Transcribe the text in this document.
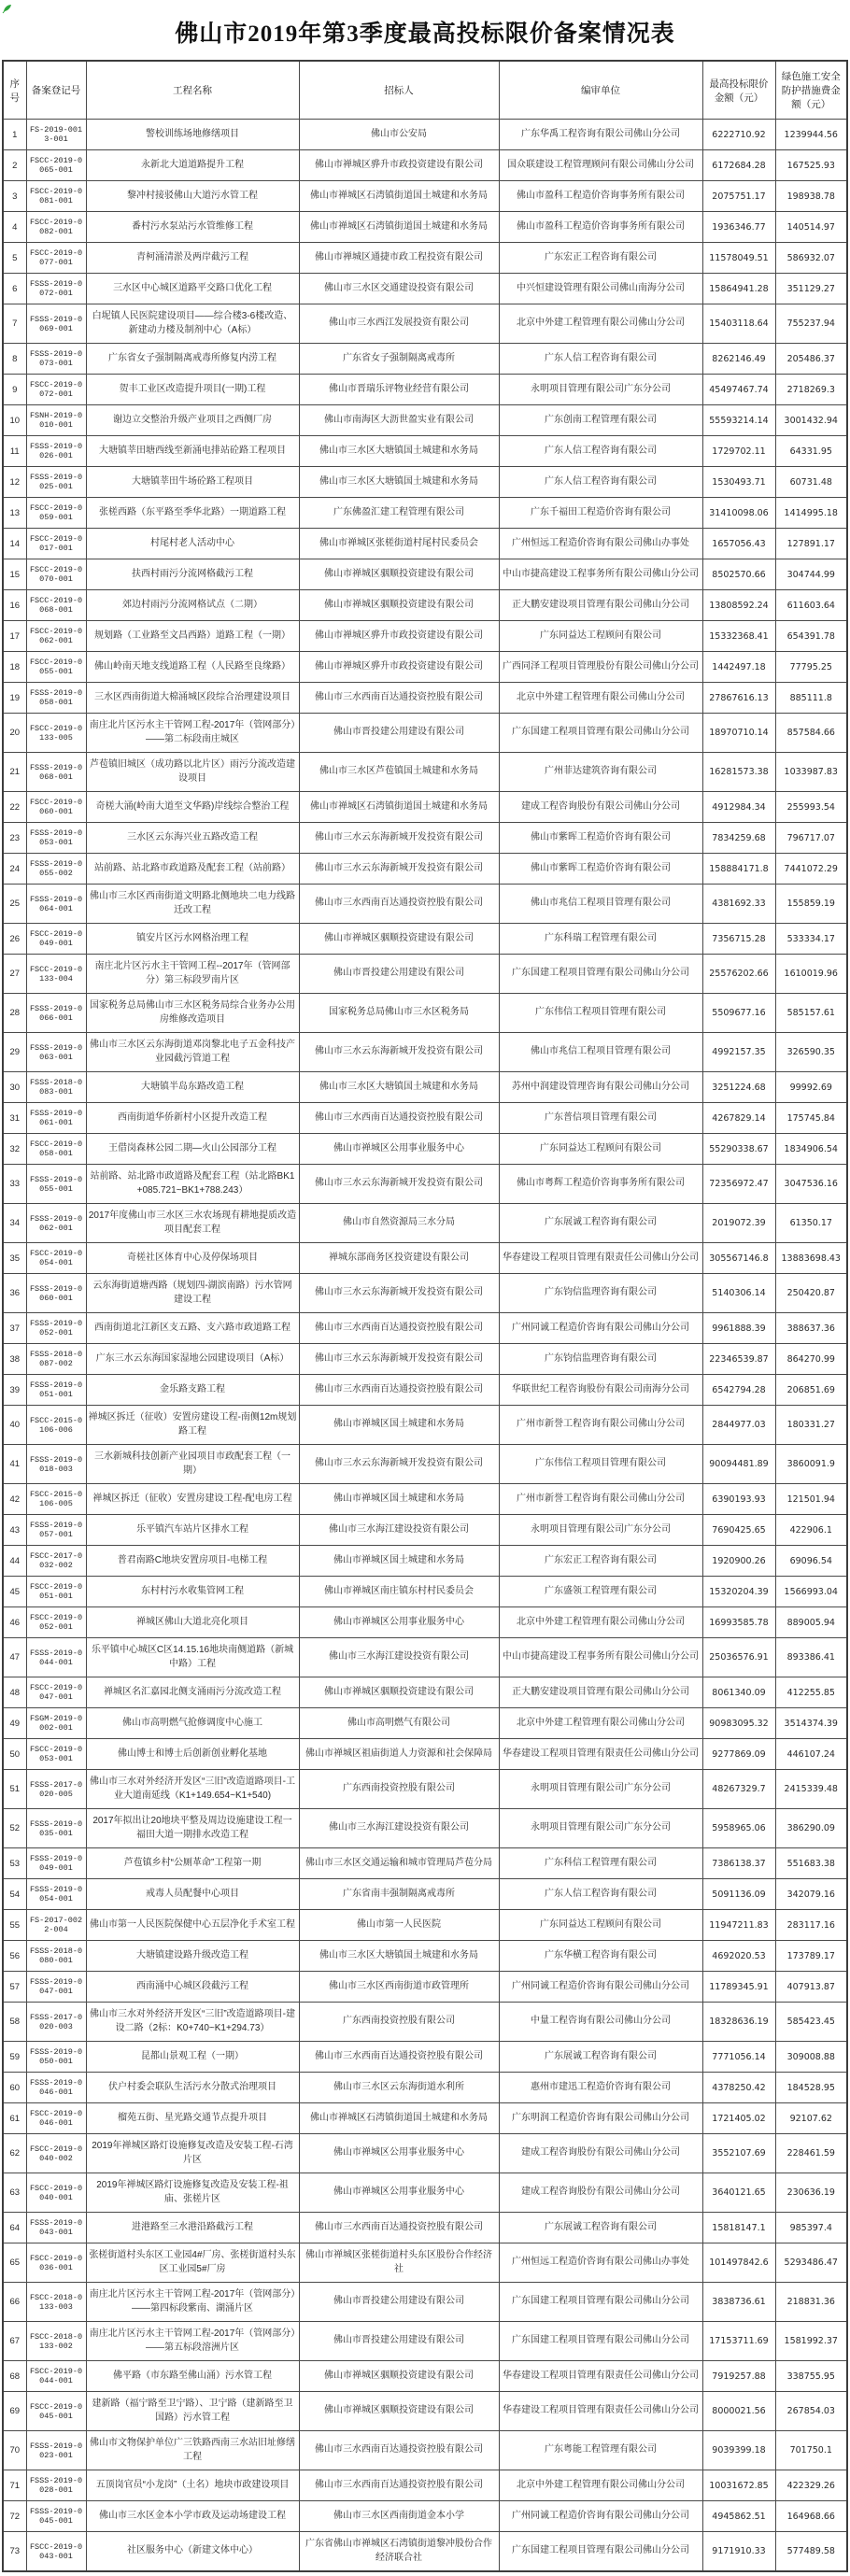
佛山市2019年第3季度最高投标限价备案情况表
序号	备案登记号	工程名称	招标人	编审单位	最高投标限价金额（元）	绿色施工安全防护措施费金额（元）
1	FS-2019-0013-001	警校训练场地修缮项目	佛山市公安局	广东华禹工程咨询有限公司佛山分公司	6222710.92	1239944.56
2	FSCC-2019-0065-001	永新北大道道路提升工程	佛山市禅城区骅升市政投资建设有限公司	国众联建设工程管理顾问有限公司佛山分公司	6172684.28	167525.93
3	FSCC-2019-0081-001	黎冲村接驳佛山大道污水管工程	佛山市禅城区石湾镇街道国土城建和水务局	佛山市盈科工程造价咨询事务所有限公司	2075751.17	198938.78
4	FSCC-2019-0082-001	番村污水泵站污水管维修工程	佛山市禅城区石湾镇街道国土城建和水务局	佛山市盈科工程造价咨询事务所有限公司	1936346.77	140514.97
5	FSCC-2019-0077-001	青柯涌清淤及两岸截污工程	佛山市禅城区通捷市政工程投资有限公司	广东宏正工程咨询有限公司	11578049.51	586932.07
6	FSSS-2019-0072-001	三水区中心城区道路平交路口优化工程	佛山市三水区交通建设投资有限公司	中兴恒建设管理有限公司佛山南海分公司	15864941.28	351129.27
7	FSSS-2019-0069-001	白坭镇人民医院建设项目——综合楼3-6楼改造、新建动力楼及制剂中心（A标）	佛山市三水西江发展投资有限公司	北京中外建工程管理有限公司佛山分公司	15403118.64	755237.94
8	FSSS-2019-0073-001	广东省女子强制隔离戒毒所修复内涝工程	广东省女子强制隔离戒毒所	广东人信工程咨询有限公司	8262146.49	205486.37
9	FSCC-2019-0072-001	贺丰工业区改造提升项目(一期)工程	佛山市晋瑞乐评物业经营有限公司	永明项目管理有限公司广东分公司	45497467.74	2718269.3
10	FSNH-2019-0010-001	谢边立交整治升级产业项目之西侧厂房	佛山市南海区大沥世盈实业有限公司	广东创南工程管理有限公司	55593214.14	3001432.94
11	FSSS-2019-0026-001	大塘镇莘田塘西线至新涌电排站砼路工程项目	佛山市三水区大塘镇国土城建和水务局	广东人信工程咨询有限公司	1729702.11	64331.95
12	FSSS-2019-0025-001	大塘镇莘田牛场砼路工程项目	佛山市三水区大塘镇国土城建和水务局	广东人信工程咨询有限公司	1530493.71	60731.48
13	FSCC-2019-0059-001	张槎西路（东平路至季华北路）一期道路工程	广东佛盈汇建工程管理有限公司	广东千福田工程造价咨询有限公司	31410098.06	1414995.18
14	FSCC-2019-0017-001	村尾村老人活动中心	佛山市禅城区张槎街道村尾村民委员会	广州恒远工程造价咨询有限公司佛山办事处	1657056.43	127891.17
15	FSCC-2019-0070-001	扶西村雨污分流网格截污工程	佛山市禅城区骃顺投资建设有限公司	中山市捷高建设工程事务所有限公司佛山分公司	8502570.66	304744.99
16	FSCC-2019-0068-001	郊边村雨污分流网格试点（二期）	佛山市禅城区骃顺投资建设有限公司	正大鹏安建设项目管理有限公司佛山分公司	13808592.24	611603.64
17	FSCC-2019-0062-001	规划路（工业路至文昌西路）道路工程（一期）	佛山市禅城区骅升市政投资建设有限公司	广东同益达工程顾问有限公司	15332368.41	654391.78
18	FSCC-2019-0055-001	佛山岭南天地支线道路工程（人民路至良缘路）	佛山市禅城区骅升市政投资建设有限公司	广西同泽工程项目管理股份有限公司佛山分公司	1442497.18	77795.25
19	FSSS-2019-0058-001	三水区西南街道大棉涌城区段综合治理建设项目	佛山市三水西南百达通投资控股有限公司	北京中外建工程管理有限公司佛山分公司	27867616.13	885111.8
20	FSCC-2019-0133-005	南庄北片区污水主干管网工程-2017年（管网部分）——第二标段南庄城区	佛山市晋投建公用建设有限公司	广东国建工程项目管理有限公司佛山分公司	18970710.14	857584.66
21	FSSS-2019-0068-001	芦苞镇旧城区（成功路以北片区）雨污分流改造建设项目	佛山市三水区芦苞镇国土城建和水务局	广州菲达建筑咨询有限公司	16281573.38	1033987.83
22	FSCC-2019-0060-001	奇槎大涌(岭南大道至文华路)岸线综合整治工程	佛山市禅城区石湾镇街道国土城建和水务局	建成工程咨询股份有限公司佛山分公司	4912984.34	255993.54
23	FSSS-2019-0053-001	三水区云东海兴业五路改造工程	佛山市三水云东海新城开发投资有限公司	佛山市紫晖工程造价咨询有限公司	7834259.68	796717.07
24	FSSS-2019-0055-002	站前路、站北路市政道路及配套工程（站前路）	佛山市三水云东海新城开发投资有限公司	佛山市紫晖工程造价咨询有限公司	158884171.8	7441072.29
25	FSSS-2019-0064-001	佛山市三水区西南街道文明路北侧地块二电力线路迁改工程	佛山市三水西南百达通投资控股有限公司	佛山市兆信工程项目管理有限公司	4381692.33	155859.19
26	FSCC-2019-0049-001	镇安片区污水网格治理工程	佛山市禅城区骃顺投资建设有限公司	广东科瑞工程管理有限公司	7356715.28	533334.17
27	FSCC-2019-0133-004	南庄北片区污水主干管网工程--2017年（管网部分）第三标段罗南片区	佛山市晋投建公用建设有限公司	广东国建工程项目管理有限公司佛山分公司	25576202.66	1610019.96
28	FSSS-2019-0066-001	国家税务总局佛山市三水区税务局综合业务办公用房维修改造项目	国家税务总局佛山市三水区税务局	广东伟信工程项目管理有限公司	5509677.16	585157.61
29	FSSS-2019-0063-001	佛山市三水区云东海街道邓岗黎北电子五金科技产业园截污管道工程	佛山市三水云东海新城开发投资有限公司	佛山市兆信工程项目管理有限公司	4992157.35	326590.35
30	FSSS-2018-0083-001	大塘镇半岛东路改造工程	佛山市三水区大塘镇国土城建和水务局	苏州中润建设管理咨询有限公司佛山分公司	3251224.68	99992.69
31	FSSS-2019-0061-001	西南街道华侨新村小区提升改造工程	佛山市三水西南百达通投资控股有限公司	广东普信项目管理有限公司	4267829.14	175745.84
32	FSCC-2019-0058-001	王借岗森林公园二期—火山公园部分工程	佛山市禅城区公用事业服务中心	广东同益达工程顾问有限公司	55290338.67	1834906.54
33	FSSS-2019-0055-001	站前路、站北路市政道路及配套工程（站北路BK1+085.721~BK1+788.243）	佛山市三水云东海新城开发投资有限公司	佛山市粤辉工程造价咨询事务所有限公司	72356972.47	3047536.16
34	FSSS-2019-0062-001	2017年度佛山市三水区三水农场现有耕地提质改造项目配套工程	佛山市自然资源局三水分局	广东展诚工程咨询有限公司	2019072.39	61350.17
35	FSCC-2019-0054-001	奇槎社区体育中心及停保场项目	禅城东部商务区投资建设有限公司	华春建设工程项目管理有限责任公司佛山分公司	305567146.8	13883698.43
36	FSSS-2019-0060-001	云东海街道塘西路（规划四-湖滨南路）污水管网建设工程	佛山市三水云东海新城开发投资有限公司	广东钧信监理咨询有限公司	5140306.14	250420.87
37	FSSS-2019-0052-001	西南街道北江新区支五路、支六路市政道路工程	佛山市三水西南百达通投资控股有限公司	广州同诚工程造价咨询有限公司佛山分公司	9961888.39	388637.36
38	FSSS-2018-0087-002	广东三水云东海国家湿地公园建设项目（A标）	佛山市三水云东海新城开发投资有限公司	广东钧信监理咨询有限公司	22346539.87	864270.99
39	FSSS-2019-0051-001	金乐路支路工程	佛山市三水西南百达通投资控股有限公司	华联世纪工程咨询股份有限公司南海分公司	6542794.28	206851.69
40	FSCC-2015-0106-006	禅城区拆迁（征收）安置房建设工程-南侧12m规划路工程	佛山市禅城区国土城建和水务局	广州市新誉工程咨询有限公司佛山分公司	2844977.03	180331.27
41	FSSS-2019-0018-003	三水新城科技创新产业园项目市政配套工程（一期）	佛山市三水云东海新城开发投资有限公司	广东伟信工程项目管理有限公司	90094481.89	3860091.9
42	FSCC-2015-0106-005	禅城区拆迁（征收）安置房建设工程-配电房工程	佛山市禅城区国土城建和水务局	广州市新誉工程咨询有限公司佛山分公司	6390193.93	121501.94
43	FSSS-2019-0057-001	乐平镇汽车站片区排水工程	佛山市三水海江建设投资有限公司	永明项目管理有限公司广东分公司	7690425.65	422906.1
44	FSCC-2017-0032-002	普君南路C地块安置房项目-电梯工程	佛山市禅城区国土城建和水务局	广东宏正工程咨询有限公司	1920900.26	69096.54
45	FSCC-2019-0051-001	东村村污水收集管网工程	佛山市禅城区南庄镇东村村民委员会	广东盛领工程管理有限公司	15320204.39	1566993.04
46	FSCC-2019-0052-001	禅城区佛山大道北亮化项目	佛山市禅城区公用事业服务中心	北京中外建工程管理有限公司佛山分公司	16993585.78	889005.94
47	FSSS-2019-0044-001	乐平镇中心城区C区14.15.16地块南侧道路（新城中路）工程	佛山市三水海江建设投资有限公司	中山市捷高建设工程事务所有限公司佛山分公司	25036576.91	893386.41
48	FSCC-2019-0047-001	禅城区名汇嘉园北侧支涌雨污分流改造工程	佛山市禅城区骃顺投资建设有限公司	正大鹏安建设项目管理有限公司佛山分公司	8061340.09	412255.85
49	FSGM-2019-0002-001	佛山市高明燃气抢修调度中心施工	佛山市高明燃气有限公司	北京中外建工程管理有限公司佛山分公司	90983095.32	3514374.39
50	FSCC-2019-0053-001	佛山博士和博士后创新创业孵化基地	佛山市禅城区祖庙街道人力资源和社会保障局	华春建设工程项目管理有限责任公司佛山分公司	9277869.09	446107.24
51	FSSS-2017-0020-005	佛山市三水对外经济开发区“三旧”改造道路项目-工业大道南延线（K1+149.654~K1+540)	广东西南投资控股有限公司	永明项目管理有限公司广东分公司	48267329.7	2415339.48
52	FSSS-2019-0035-001	2017年拟出让20地块平整及周边设施建设工程一福田大道一期排水改造工程	佛山市三水海江建设投资有限公司	永明项目管理有限公司广东分公司	5958965.06	386290.09
53	FSSS-2019-0049-001	芦苞镇乡村“公厕革命”工程第一期	佛山市三水区交通运输和城市管理局芦苞分局	广东科信工程管理有限公司	7386138.37	551683.38
54	FSSS-2019-0054-001	戒毒人员配餐中心项目	广东省南丰强制隔离戒毒所	广东人信工程咨询有限公司	5091136.09	342079.16
55	FS-2017-0022-004	佛山市第一人民医院保健中心五层净化手术室工程	佛山市第一人民医院	广东同益达工程顾问有限公司	11947211.83	283117.16
56	FSSS-2018-0080-001	大塘镇建设路升级改造工程	佛山市三水区大塘镇国土城建和水务局	广东华横工程咨询有限公司	4692020.53	173789.17
57	FSSS-2019-0047-001	西南涌中心城区段截污工程	佛山市三水区西南街道市政管理所	广州同诚工程造价咨询有限公司佛山分公司	11789345.91	407913.87
58	FSSS-2017-0020-003	佛山市三水对外经济开发区“三旧”改造道路项目-建设二路（2标：K0+740~K1+294.73）	广东西南投资控股有限公司	中量工程咨询有限公司佛山分公司	18328636.19	585423.45
59	FSSS-2019-0050-001	昆都山景观工程（一期）	佛山市三水西南百达通投资控股有限公司	广东展诚工程咨询有限公司	7771056.14	309008.88
60	FSSS-2019-0046-001	伏户村委会联队生活污水分散式治理项目	佛山市三水区云东海街道水利所	惠州市建迅工程造价咨询有限公司	4378250.42	184528.95
61	FSCC-2019-0046-001	榴苑五街、星光路交通节点提升项目	佛山市禅城区石湾镇街道国土城建和水务局	广东明润工程造价咨询有限公司佛山分公司	1721405.02	92107.62
62	FSCC-2019-0040-002	2019年禅城区路灯设施修复改造及安装工程-石湾片区	佛山市禅城区公用事业服务中心	建成工程咨询股份有限公司佛山分公司	3552107.69	228461.59
63	FSCC-2019-0040-001	2019年禅城区路灯设施修复改造及安装工程-祖庙、张槎片区	佛山市禅城区公用事业服务中心	建成工程咨询股份有限公司佛山分公司	3640121.65	230636.19
64	FSSS-2019-0043-001	进港路至三水港沿路截污工程	佛山市三水西南百达通投资控股有限公司	广东展诚工程咨询有限公司	15818147.1	985397.4
65	FSCC-2019-0036-001	张槎街道村头东区工业园4#厂房、张槎街道村头东区工业园5#厂房	佛山市禅城区张槎街道村头东区股份合作经济社	广州恒远工程造价咨询有限公司佛山办事处	101497842.6	5293486.47
66	FSCC-2018-0133-003	南庄北片区污水主干管网工程-2017年（管网部分）——第四标段紫南、湖涌片区	佛山市晋投建公用建设有限公司	广东国建工程项目管理有限公司佛山分公司	3838736.61	218831.36
67	FSCC-2018-0133-002	南庄北片区污水主干管网工程-2017年（管网部分）——第五标段溶洲片区	佛山市晋投建公用建设有限公司	广东国建工程项目管理有限公司佛山分公司	17153711.69	1581992.37
68	FSCC-2019-0044-001	佛平路（市东路至佛山涌）污水管工程	佛山市禅城区骃顺投资建设有限公司	华春建设工程项目管理有限责任公司佛山分公司	7919257.88	338755.95
69	FSCC-2019-0045-001	建新路（福宁路至卫宁路）、卫宁路（建新路至卫国路）污水管工程	佛山市禅城区骃顺投资建设有限公司	华春建设工程项目管理有限责任公司佛山分公司	8000021.56	267854.03
70	FSSS-2019-0023-001	佛山市文物保护单位广三铁路西南三水站旧址修缮工程	佛山市三水西南百达通投资控股有限公司	广东粤能工程管理有限公司	9039399.18	701750.1
71	FSSS-2019-0028-001	五顶岗官员“小龙岗”（土名）地块市政建设项目	佛山市三水西南百达通投资控股有限公司	北京中外建工程管理有限公司佛山分公司	10031672.85	422329.26
72	FSSS-2019-0045-001	佛山市三水区金本小学市政及运动场建设工程	佛山市三水区西南街道金本小学	广州同诚工程造价咨询有限公司佛山分公司	4945862.51	164968.66
73	FSCC-2019-0043-001	社区服务中心（新建文体中心）	广东省佛山市禅城区石湾镇街道黎冲股份合作经济联合社	广东国建工程项目管理有限公司佛山分公司	9171910.33	577489.58
